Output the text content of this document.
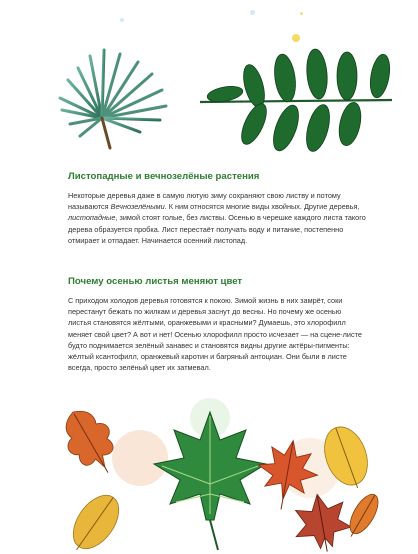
Листопадные и вечнозелёные растения

Некоторые деревья даже в самую лютую зиму сохраняют свою листву и потому называются Вечнозелёными. К ним относятся многие виды хвойных. Другие деревья, листопадные, зимой стоят голые, без листвы. Осенью в черешке каждого листа такого дерева образуется пробка. Лист перестаёт получать воду и питание, постепенно отмирает и отпадает. Начинается осенний листопад.

Почему осенью листья меняют цвет

С приходом холодов деревья готовятся к покою. Зимой жизнь в них замрёт, соки перестанут бежать по жилкам и деревья заснут до весны. Но почему же осенью листья становятся жёлтыми, оранжевыми и красными? Думаешь, это хлорофилл меняет свой цвет? А вот и нет! Осенью хлорофилл просто исчезает — на сцене-листе будто поднимается зелёный занавес и становятся видны другие актёры-пигменты: жёлтый ксантофилл, оранжевый каротин и багряный антоциан. Они были в листе всегда, просто зелёный цвет их затмевал.
